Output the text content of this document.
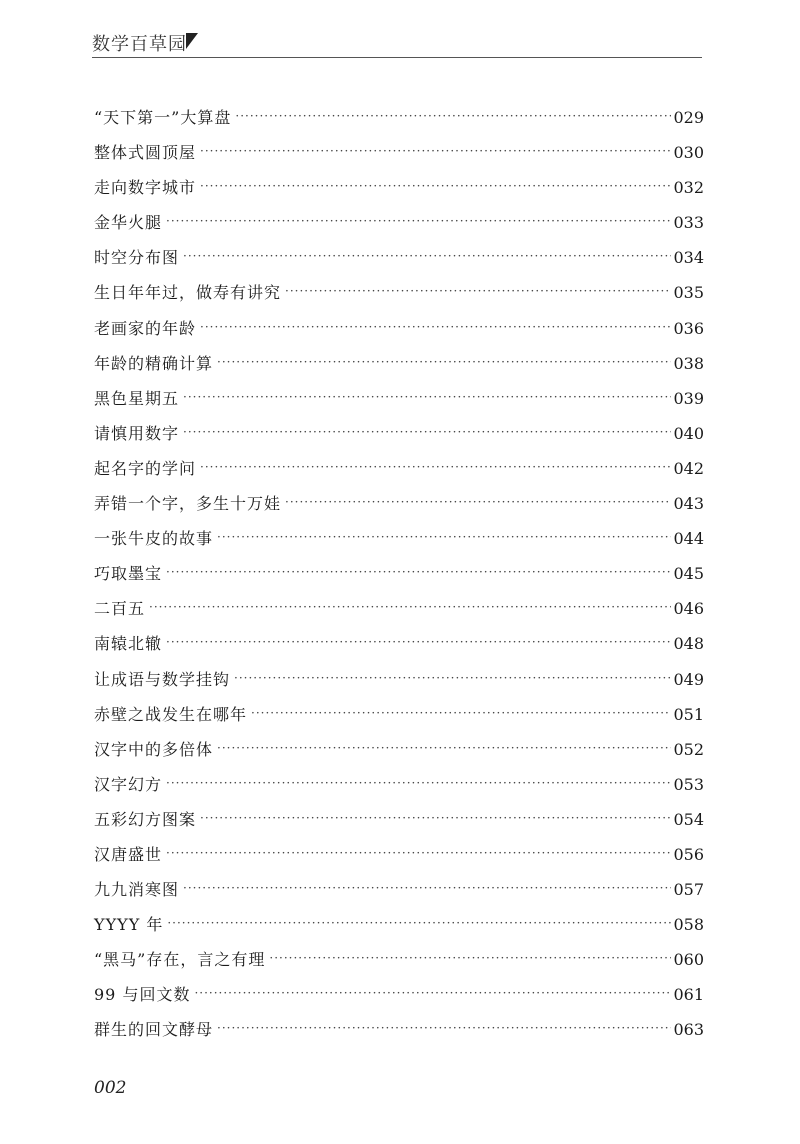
数学百草园
“天下第一”大算盘 ·····	029
整体式圆顶屋 ·····	030
走向数字城市 ·····	032
金华火腿 ·····	033
时空分布图 ·····	034
生日年年过，做寿有讲究 ·····	035
老画家的年龄 ·····	036
年龄的精确计算 ·····	038
黑色星期五 ·····	039
请慎用数字 ·····	040
起名字的学问 ·····	042
弄错一个字，多生十万娃 ·····	043
一张牛皮的故事 ·····	044
巧取墨宝 ·····	045
二百五 ·····	046
南辕北辙 ·····	048
让成语与数学挂钩 ·····	049
赤壁之战发生在哪年 ·····	051
汉字中的多倍体 ·····	052
汉字幻方 ·····	053
五彩幻方图案 ·····	054
汉唐盛世 ·····	056
九九消寒图 ·····	057
YYYY 年 ·····	058
“黑马”存在，言之有理 ·····	060
99 与回文数 ·····	061
群生的回文酵母 ·····	063
002
